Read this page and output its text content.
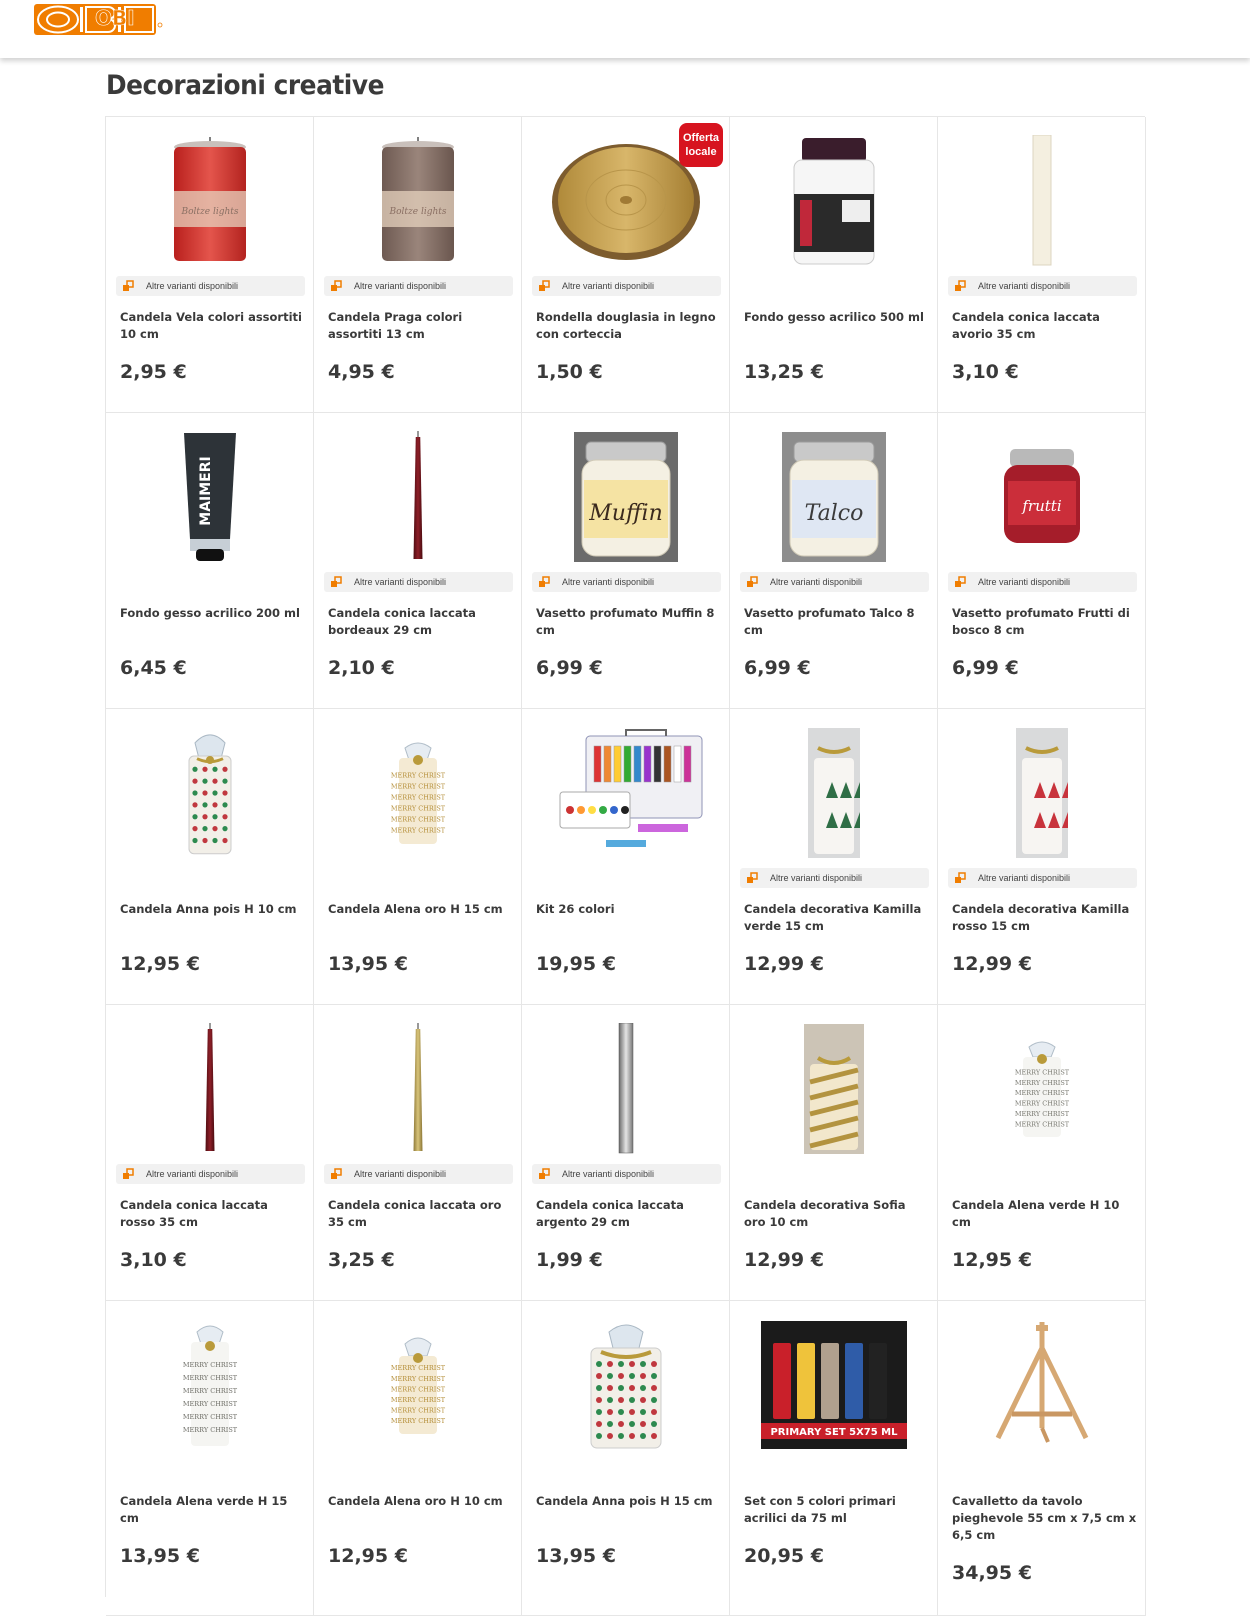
OBI
Decorazioni creative
Boltze lights
Altre varianti disponibili
Candela Vela colori assortiti 10 cm
2,95 €
Boltze lights
Altre varianti disponibili
Candela Praga colori assortiti 13 cm
4,95 €
Offerta
locale
Altre varianti disponibili
Rondella douglasia in legno con corteccia
1,50 €
Fondo gesso acrilico 500 ml
13,25 €
Altre varianti disponibili
Candela conica laccata avorio 35 cm
3,10 €
MAIMERI
Fondo gesso acrilico 200 ml
6,45 €
Altre varianti disponibili
Candela conica laccata bordeaux 29 cm
2,10 €
Muffin
Altre varianti disponibili
Vasetto profumato Muffin 8 cm
6,99 €
Talco
Altre varianti disponibili
Vasetto profumato Talco 8 cm
6,99 €
frutti
Altre varianti disponibili
Vasetto profumato Frutti di bosco 8 cm
6,99 €
Candela Anna pois H 10 cm
12,95 €
MERRY CHRIST
MERRY CHRIST
MERRY CHRIST
MERRY CHRIST
MERRY CHRIST
MERRY CHRIST
Candela Alena oro H 15 cm
13,95 €
Kit 26 colori
19,95 €
Altre varianti disponibili
Candela decorativa Kamilla verde 15 cm
12,99 €
Altre varianti disponibili
Candela decorativa Kamilla rosso 15 cm
12,99 €
Altre varianti disponibili
Candela conica laccata rosso 35 cm
3,10 €
Altre varianti disponibili
Candela conica laccata oro 35 cm
3,25 €
Altre varianti disponibili
Candela conica laccata argento 29 cm
1,99 €
Candela decorativa Sofia oro 10 cm
12,99 €
MERRY CHRIST
MERRY CHRIST
MERRY CHRIST
MERRY CHRIST
MERRY CHRIST
MERRY CHRIST
Candela Alena verde H 10 cm
12,95 €
MERRY CHRIST
MERRY CHRIST
MERRY CHRIST
MERRY CHRIST
MERRY CHRIST
MERRY CHRIST
Candela Alena verde H 15 cm
13,95 €
MERRY CHRIST
MERRY CHRIST
MERRY CHRIST
MERRY CHRIST
MERRY CHRIST
MERRY CHRIST
Candela Alena oro H 10 cm
12,95 €
Candela Anna pois H 15 cm
13,95 €
PRIMARY SET 5X75 ML
Set con 5 colori primari acrilici da 75 ml
20,95 €
Cavalletto da tavolo pieghevole 55 cm x 7,5 cm x 6,5 cm
34,95 €
